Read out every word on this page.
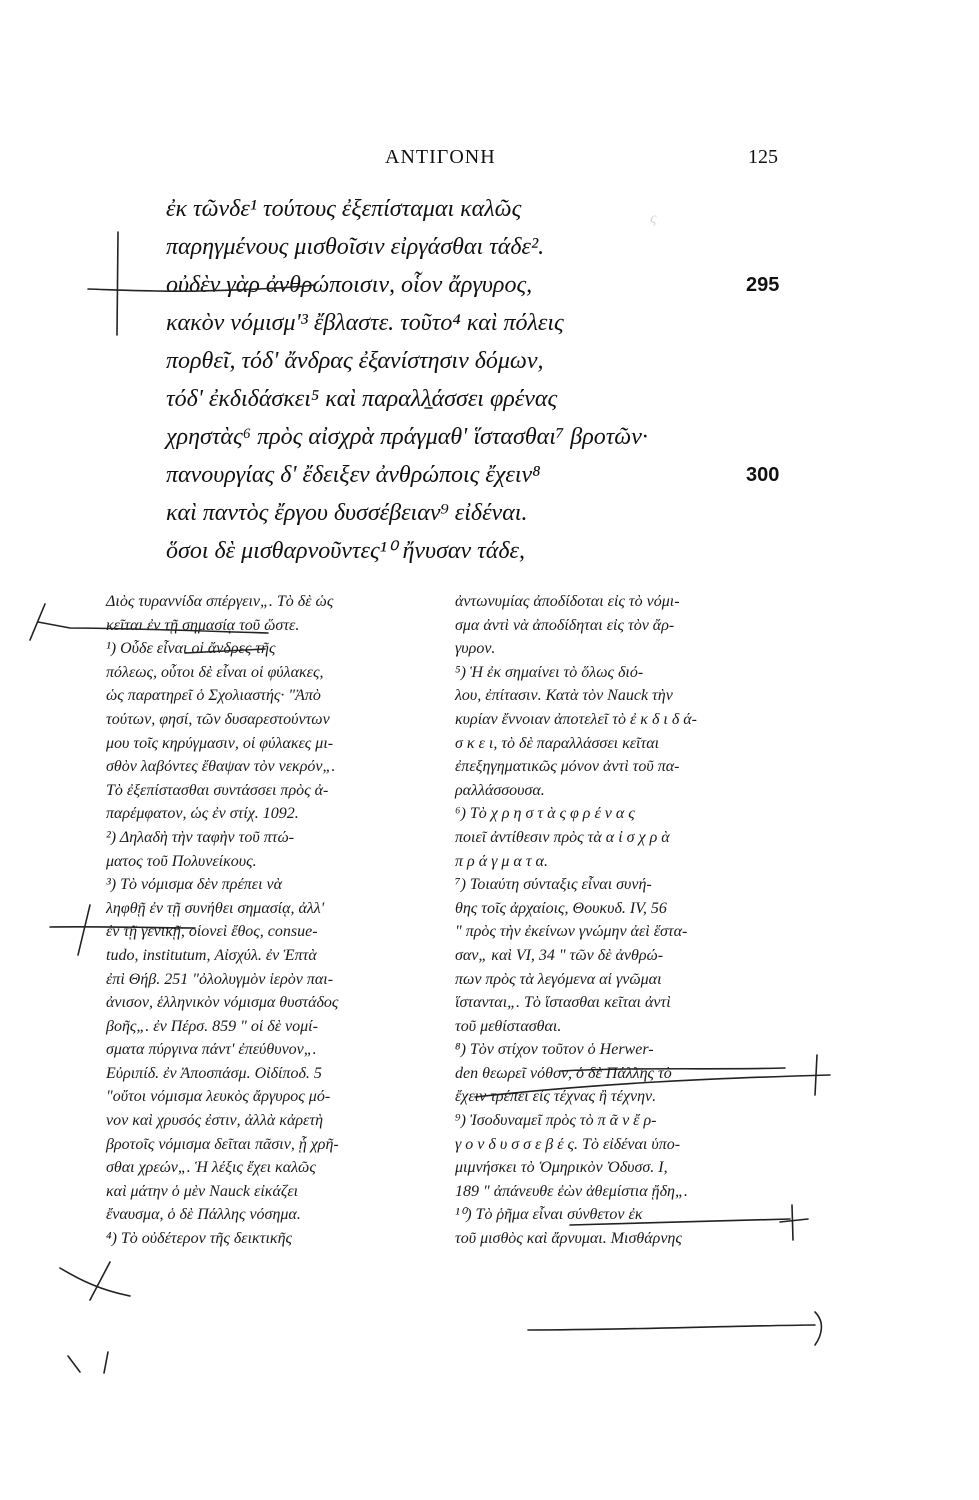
ΑΝΤΙΓΟΝΗ	125
ς
ἐκ τῶνδε¹ τούτους ἐξεπίσταμαι καλῶς
παρηγμένους μισθοῖσιν εἰργάσθαι τάδε².
οὐδὲν γὰρ ἀνθρώποισιν, οἷον ἄργυρος,	295
κακὸν νόμισμ'³ ἔβλαστε. τοῦτο⁴ καὶ πόλεις
πορθεῖ, τόδ' ἄνδρας ἐξανίστησιν δόμων,
τόδ' ἐκδιδάσκει⁵ καὶ παραλλάσσει φρένας
χρηστὰς⁶ πρὸς αἰσχρὰ πράγμαθ' ἵστασθαι⁷ βροτῶν·
πανουργίας δ' ἔδειξεν ἀνθρώποις ἔχειν⁸	300
καὶ παντὸς ἔργου δυσσέβειαν⁹ εἰδέναι.
ὅσοι δὲ μισθαρνοῦντες¹⁰ ἤνυσαν τάδε,
Διὸς τυραννίδα σπέργειν„. Τὸ δὲ ὡς
κεῖται ἐν τῇ σημασίᾳ τοῦ ὥστε.
¹) Οὗδε εἶναι οἱ ἄνδρες τῆς
πόλεως, οὗτοι δὲ εἶναι οἱ φύλακες,
ὡς παρατηρεῖ ὁ Σχολιαστής· "Ἀπὸ
τούτων, φησί, τῶν δυσαρεστούντων
μου τοῖς κηρύγμασιν, οἱ φύλακες μι-
σθὸν λαβόντες ἔθαψαν τὸν νεκρόν„.
Τὸ ἐξεπίστασθαι συντάσσει πρὸς ἀ-
παρέμφατον, ὡς ἐν στίχ. 1092.
²) Δηλαδὴ τὴν ταφὴν τοῦ πτώ-
ματος τοῦ Πολυνείκους.
³) Τὸ νόμισμα δὲν πρέπει νὰ
ληφθῇ ἐν τῇ συνήθει σημασίᾳ, ἀλλ'
ἐν τῇ γενικῇ, οἱονεὶ ἔθος, consue-
tudo, institutum, Αἰσχύλ. ἐν Ἑπτὰ
ἐπὶ Θήβ. 251 "ὀλολυγμὸν ἱερὸν παι-
ἀνισον, ἑλληνικὸν νόμισμα θυστάδος
βοῆς„. ἐν Πέρσ. 859 " οἱ δὲ νομί-
σματα πύργινα πάντ' ἐπεύθυνον„.
Εὐριπίδ. ἐν Ἀποσπάσμ. Οἰδίποδ. 5
"οὔτοι νόμισμα λευκὸς ἄργυρος μό-
νον καὶ χρυσός ἐστιν, ἀλλὰ κἀρετὴ
βροτοῖς νόμισμα δεῖται πᾶσιν, ᾗ χρῆ-
σθαι χρεών„. Ἡ λέξις ἔχει καλῶς
καὶ μάτην ὁ μὲν Nauck εἰκάζει
ἔναυσμα, ὁ δὲ Πάλλης νόσημα.
⁴) Τὸ οὐδέτερον τῆς δεικτικῆς
ἀντωνυμίας ἀποδίδοται εἰς τὸ νόμι-
σμα ἀντὶ νὰ ἀποδίδηται εἰς τὸν ἄρ-
γυρον.
⁵) Ἡ ἐκ σημαίνει τὸ ὅλως διό-
λου, ἐπίτασιν. Κατὰ τὸν Nauck τὴν
κυρίαν ἔννοιαν ἀποτελεῖ τὸ ἐ κ δ ι δ ά-
σ κ ε ι, τὸ δὲ παραλλάσσει κεῖται
ἐπεξηγηματικῶς μόνον ἀντὶ τοῦ πα-
ραλλάσσουσα.
⁶) Τὸ χ ρ η σ τ ὰ ς φ ρ έ ν α ς
ποιεῖ ἀντίθεσιν πρὸς τὰ α ἰ σ χ ρ ὰ
π ρ ά γ μ α τ α.
⁷) Τοιαύτη σύνταξις εἶναι συνή-
θης τοῖς ἀρχαίοις, Θουκυδ. IV, 56
" πρὸς τὴν ἐκείνων γνώμην ἀεὶ ἕστα-
σαν„ καὶ VI, 34 " τῶν δὲ ἀνθρώ-
πων πρὸς τὰ λεγόμενα αἱ γνῶμαι
ἵστανται„. Τὸ ἵστασθαι κεῖται ἀντὶ
τοῦ μεθίστασθαι.
⁸) Τὸν στίχον τοῦτον ὁ Herwer-
den θεωρεῖ νόθον, ὁ δὲ Πάλλης τὸ
ἔχειν τρέπει εἰς τέχνας ἢ τέχνην.
⁹) Ἰσοδυναμεῖ πρὸς τὸ π ᾶ ν ἔ ρ-
γ ο ν δ υ σ σ ε β έ ς. Τὸ εἰδέναι ὑπο-
μιμνήσκει τὸ Ὁμηρικὸν Ὀδυσσ. Ι,
189 " ἀπάνευθε ἐὼν ἀθεμίστια ᾔδη„.
¹⁰) Τὸ ῥῆμα εἶναι σύνθετον ἐκ
τοῦ μισθὸς καὶ ἄρνυμαι. Μισθάρνης
